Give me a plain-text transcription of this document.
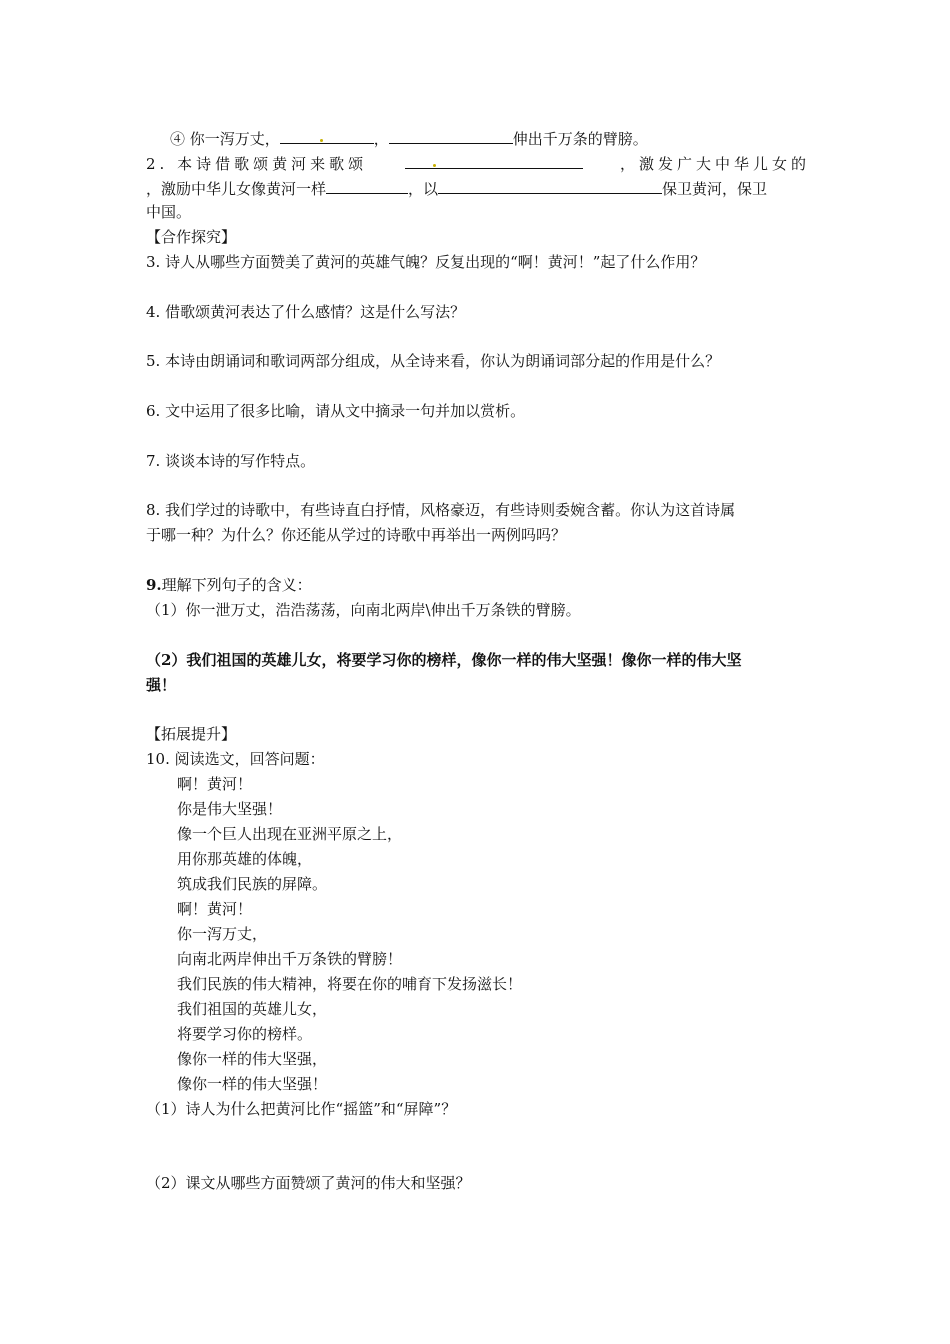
④ 你一泻万丈，	，	伸出千万条的臂膀。
2. 本诗借歌颂黄河来歌颂	，激发广大中华儿女的
，激励中华儿女像黄河一样	，以	保卫黄河，保卫
中国。
【合作探究】
3. 诗人从哪些方面赞美了黄河的英雄气魄？反复出现的“啊！黄河！”起了什么作用？
4. 借歌颂黄河表达了什么感情？这是什么写法？
5. 本诗由朗诵词和歌词两部分组成，从全诗来看，你认为朗诵词部分起的作用是什么？
6. 文中运用了很多比喻，请从文中摘录一句并加以赏析。
7. 谈谈本诗的写作特点。
8. 我们学过的诗歌中，有些诗直白抒情，风格豪迈，有些诗则委婉含蓄。你认为这首诗属
于哪一种？为什么？你还能从学过的诗歌中再举出一两例吗吗？
9.理解下列句子的含义：
（1）你一泄万丈，浩浩荡荡，向南北两岸\伸出千万条铁的臂膀。
（2）我们祖国的英雄儿女，将要学习你的榜样，像你一样的伟大坚强！像你一样的伟大坚
强！
【拓展提升】
10. 阅读选文，回答问题：
啊！黄河！
你是伟大坚强！
像一个巨人出现在亚洲平原之上，
用你那英雄的体魄，
筑成我们民族的屏障。
啊！黄河！
你一泻万丈，
向南北两岸伸出千万条铁的臂膀！
我们民族的伟大精神，将要在你的哺育下发扬滋长！
我们祖国的英雄儿女，
将要学习你的榜样。
像你一样的伟大坚强，
像你一样的伟大坚强！
（1）诗人为什么把黄河比作“摇篮”和“屏障”？
（2）课文从哪些方面赞颂了黄河的伟大和坚强？
